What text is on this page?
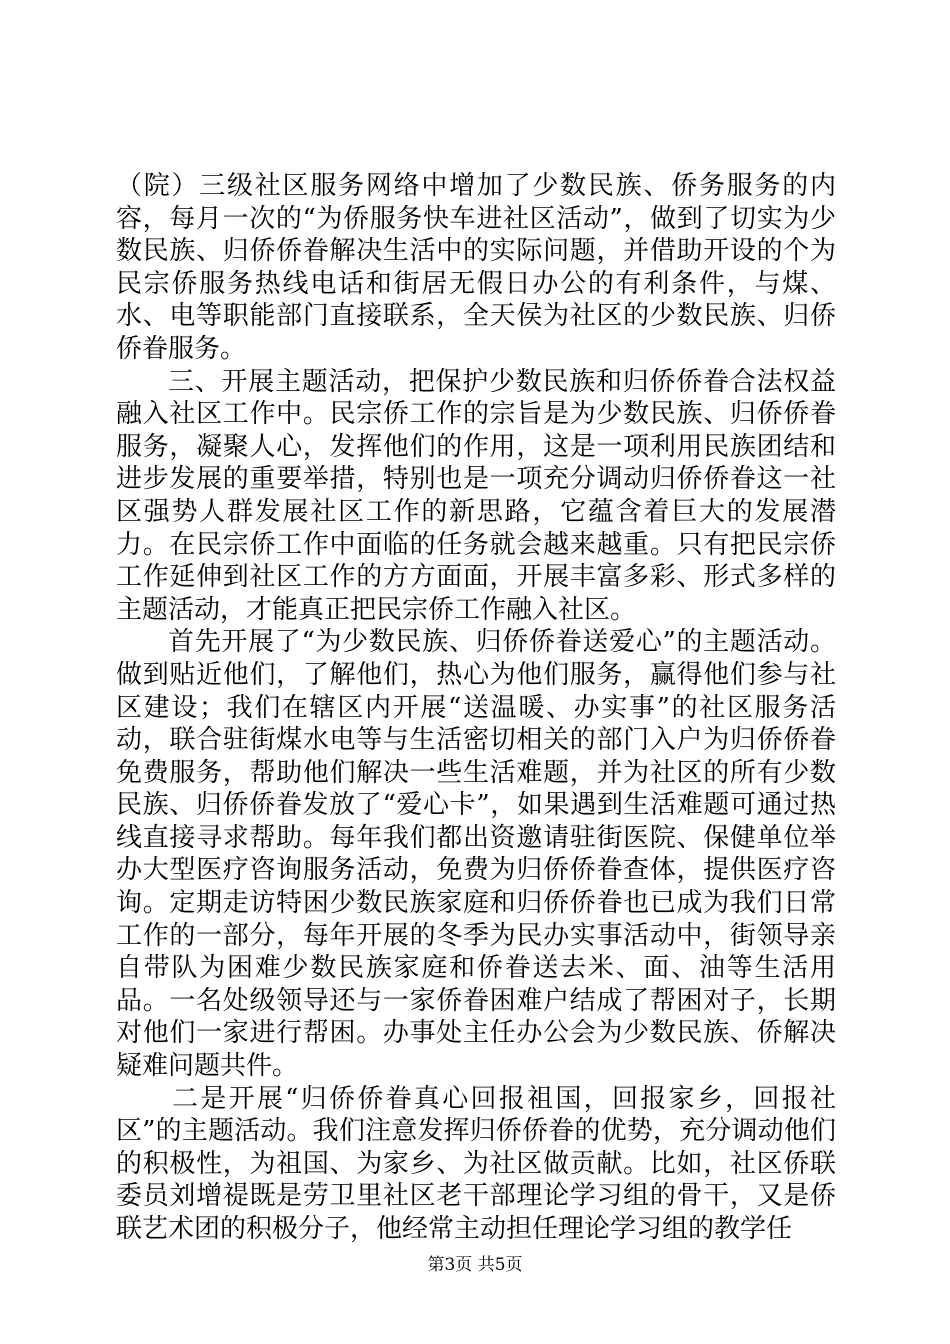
（院）三级社区服务网络中增加了少数民族、侨务服务的内容，每月一次的“为侨服务快车进社区活动”，做到了切实为少数民族、归侨侨眷解决生活中的实际问题，并借助开设的个为民宗侨服务热线电话和街居无假日办公的有利条件，与煤、水、电等职能部门直接联系，全天侯为社区的少数民族、归侨侨眷服务。

三、开展主题活动，把保护少数民族和归侨侨眷合法权益融入社区工作中。民宗侨工作的宗旨是为少数民族、归侨侨眷服务，凝聚人心，发挥他们的作用，这是一项利用民族团结和进步发展的重要举措，特别也是一项充分调动归侨侨眷这一社区强势人群发展社区工作的新思路，它蕴含着巨大的发展潜力。在民宗侨工作中面临的任务就会越来越重。只有把民宗侨工作延伸到社区工作的方方面面，开展丰富多彩、形式多样的主题活动，才能真正把民宗侨工作融入社区。

首先开展了“为少数民族、归侨侨眷送爱心”的主题活动。做到贴近他们，了解他们，热心为他们服务，赢得他们参与社区建设；我们在辖区内开展“送温暖、办实事”的社区服务活动，联合驻街煤水电等与生活密切相关的部门入户为归侨侨眷免费服务，帮助他们解决一些生活难题，并为社区的所有少数民族、归侨侨眷发放了“爱心卡”，如果遇到生活难题可通过热线直接寻求帮助。每年我们都出资邀请驻街医院、保健单位举办大型医疗咨询服务活动，免费为归侨侨眷查体，提供医疗咨询。定期走访特困少数民族家庭和归侨侨眷也已成为我们日常工作的一部分，每年开展的冬季为民办实事活动中，街领导亲自带队为困难少数民族家庭和侨眷送去米、面、油等生活用品。一名处级领导还与一家侨眷困难户结成了帮困对子，长期对他们一家进行帮困。办事处主任办公会为少数民族、侨解决疑难问题共件。

二是开展“归侨侨眷真心回报祖国，回报家乡，回报社区”的主题活动。我们注意发挥归侨侨眷的优势，充分调动他们的积极性，为祖国、为家乡、为社区做贡献。比如，社区侨联委员刘增禔既是劳卫里社区老干部理论学习组的骨干，又是侨联艺术团的积极分子，他经常主动担任理论学习组的教学任

第3页 共5页
